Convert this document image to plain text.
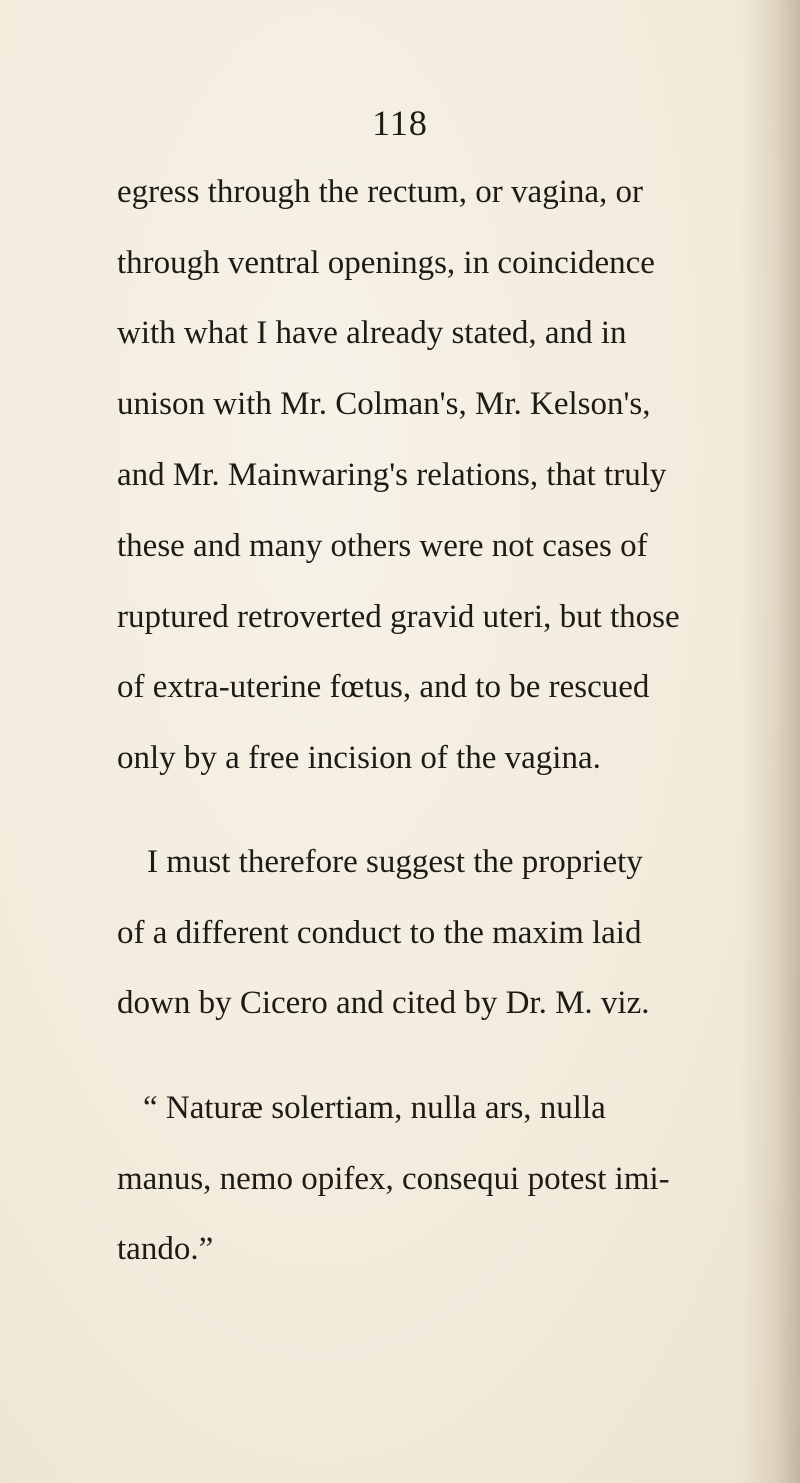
118
egress through the rectum, or vagina, or
through ventral openings, in coincidence
with what I have already stated, and in
unison with Mr. Colman's, Mr. Kelson's,
and Mr. Mainwaring's relations, that truly
these and many others were not cases of
ruptured retroverted gravid uteri, but those
of extra-uterine fœtus, and to be rescued
only by a free incision of the vagina.
I must therefore suggest the propriety
of a different conduct to the maxim laid
down by Cicero and cited by Dr. M. viz.
“ Naturæ solertiam, nulla ars, nulla
manus, nemo opifex, consequi potest imi-
tando.”
